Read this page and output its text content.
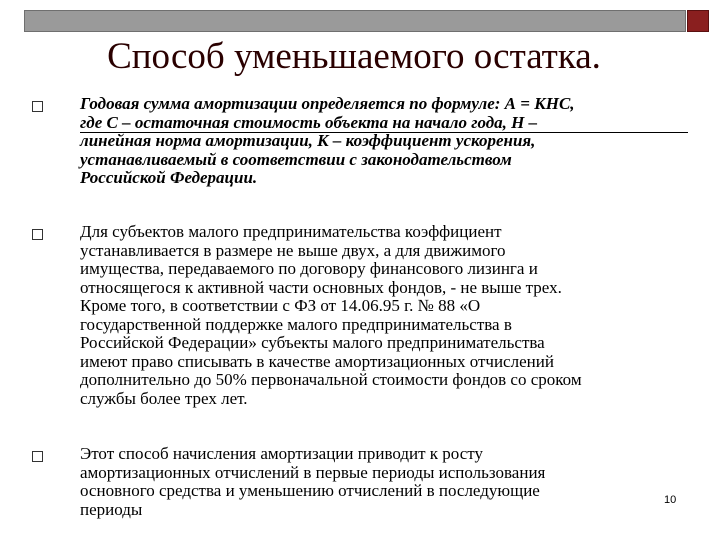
Способ уменьшаемого остатка.
Годовая сумма амортизации определяется по формуле: А = КНС,
где С – остаточная стоимость объекта на начало года, Н –
линейная норма амортизации, К – коэффициент ускорения,
устанавливаемый в соответствии с законодательством
Российской Федерации.
Для субъектов малого предпринимательства коэффициент
устанавливается в размере не выше двух, а для движимого
имущества, передаваемого по договору финансового лизинга и
относящегося к активной части основных фондов, - не выше трех.
Кроме того, в соответствии с ФЗ от 14.06.95 г. № 88 «О
государственной поддержке малого предпринимательства в
Российской Федерации» субъекты малого предпринимательства
имеют право списывать в качестве амортизационных отчислений
дополнительно до 50% первоначальной стоимости фондов со сроком
службы более трех лет.
Этот способ начисления амортизации приводит к росту
амортизационных отчислений в первые периоды использования
основного средства и уменьшению отчислений в последующие
периоды	10
